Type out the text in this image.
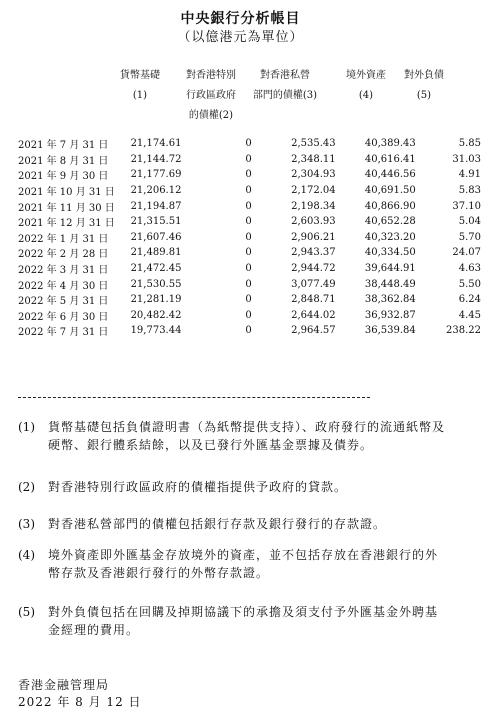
中央銀行分析帳目
（以億港元為單位）
貨幣基礎
(1)
對香港特別
行政區政府
的債權(2)
對香港私營
部門的債權(3)
境外資產
(4)
對外負債
(5)
2021 年 7 月 31 日	21,174.61	0	2,535.43	40,389.43	5.85
2021 年 8 月 31 日	21,144.72	0	2,348.11	40,616.41	31.03
2021 年 9 月 30 日	21,177.69	0	2,304.93	40,446.56	4.91
2021 年 10 月 31 日	21,206.12	0	2,172.04	40,691.50	5.83
2021 年 11 月 30 日	21,194.87	0	2,198.34	40,866.90	37.10
2021 年 12 月 31 日	21,315.51	0	2,603.93	40,652.28	5.04
2022 年 1 月 31 日	21,607.46	0	2,906.21	40,323.20	5.70
2022 年 2 月 28 日	21,489.81	0	2,943.37	40,334.50	24.07
2022 年 3 月 31 日	21,472.45	0	2,944.72	39,644.91	4.63
2022 年 4 月 30 日	21,530.55	0	3,077.49	38,448.49	5.50
2022 年 5 月 31 日	21,281.19	0	2,848.71	38,362.84	6.24
2022 年 6 月 30 日	20,482.42	0	2,644.02	36,932.87	4.45
2022 年 7 月 31 日	19,773.44	0	2,964.57	36,539.84	238.22
(1) 貨幣基礎包括負債證明書（為紙幣提供支持）、政府發行的流通紙幣及硬幣、銀行體系結餘，以及已發行外匯基金票據及債券。
(2) 對香港特別行政區政府的債權指提供予政府的貸款。
(3) 對香港私營部門的債權包括銀行存款及銀行發行的存款證。
(4) 境外資產即外匯基金存放境外的資產，並不包括存放在香港銀行的外幣存款及香港銀行發行的外幣存款證。
(5) 對外負債包括在回購及掉期協議下的承擔及須支付予外匯基金外聘基金經理的費用。
香港金融管理局
2022 年 8 月 12 日
